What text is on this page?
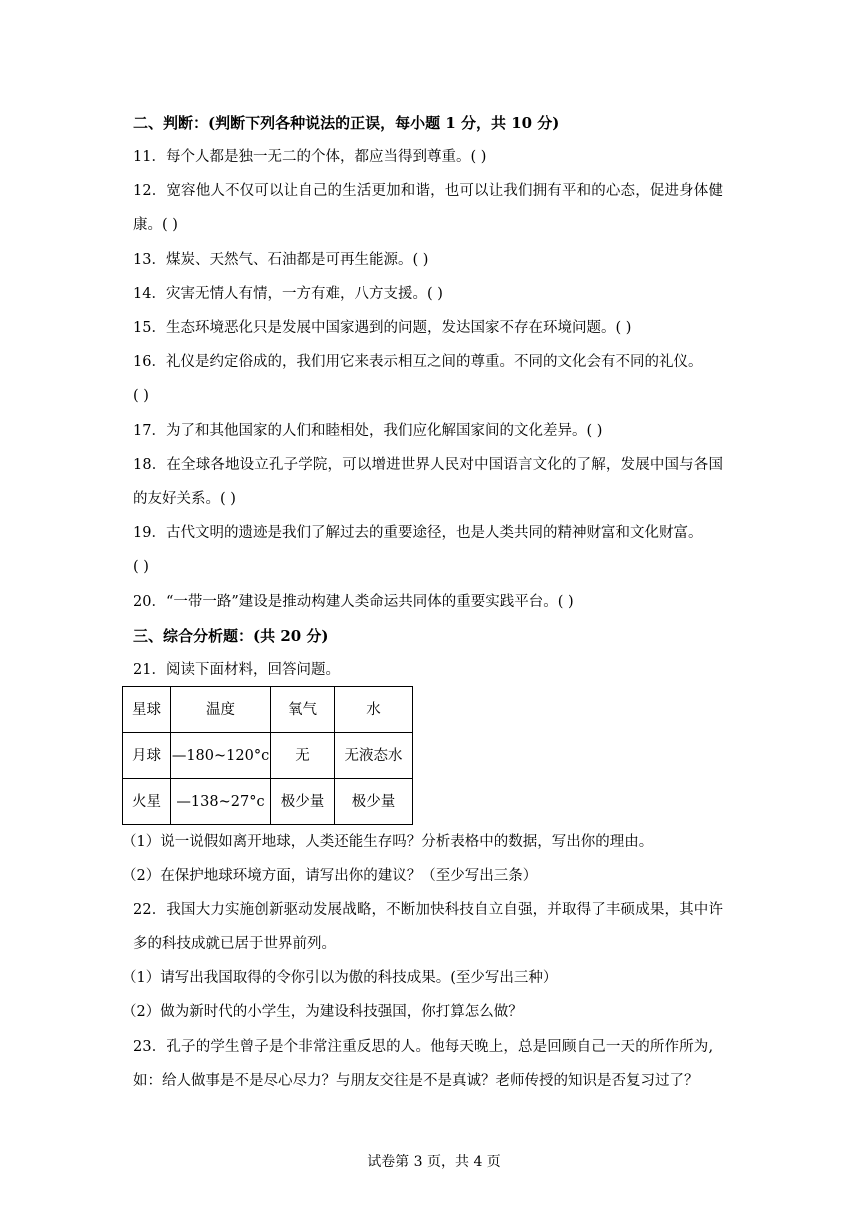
二、判断：(判断下列各种说法的正误，每小题 1 分，共 10 分)
11．每个人都是独一无二的个体，都应当得到尊重。( )
12．宽容他人不仅可以让自己的生活更加和谐，也可以让我们拥有平和的心态，促进身体健
康。( )
13．煤炭、天然气、石油都是可再生能源。( )
14．灾害无情人有情，一方有难，八方支援。( )
15．生态环境恶化只是发展中国家遇到的问题，发达国家不存在环境问题。( )
16．礼仪是约定俗成的，我们用它来表示相互之间的尊重。不同的文化会有不同的礼仪。
( )
17．为了和其他国家的人们和睦相处，我们应化解国家间的文化差异。( )
18．在全球各地设立孔子学院，可以增进世界人民对中国语言文化的了解，发展中国与各国
的友好关系。( )
19．古代文明的遗迹是我们了解过去的重要途径，也是人类共同的精神财富和文化财富。
( )
20．“一带一路”建设是推动构建人类命运共同体的重要实践平台。( )
三、综合分析题：(共 20 分)
21．阅读下面材料，回答问题。
星球	温度	氧气	水
月球	—180~120°c	无	无液态水
火星	—138~27°c	极少量	极少量
（1）说一说假如离开地球，人类还能生存吗？分析表格中的数据，写出你的理由。
（2）在保护地球环境方面，请写出你的建议？（至少写出三条）
22．我国大力实施创新驱动发展战略，不断加快科技自立自强，并取得了丰硕成果，其中许
多的科技成就已居于世界前列。
（1）请写出我国取得的令你引以为傲的科技成果。(至少写出三种）
（2）做为新时代的小学生，为建设科技强国，你打算怎么做？
23．孔子的学生曾子是个非常注重反思的人。他每天晚上，总是回顾自己一天的所作所为,
如：给人做事是不是尽心尽力？与朋友交往是不是真诚？老师传授的知识是否复习过了？
试卷第 3 页，共 4 页
